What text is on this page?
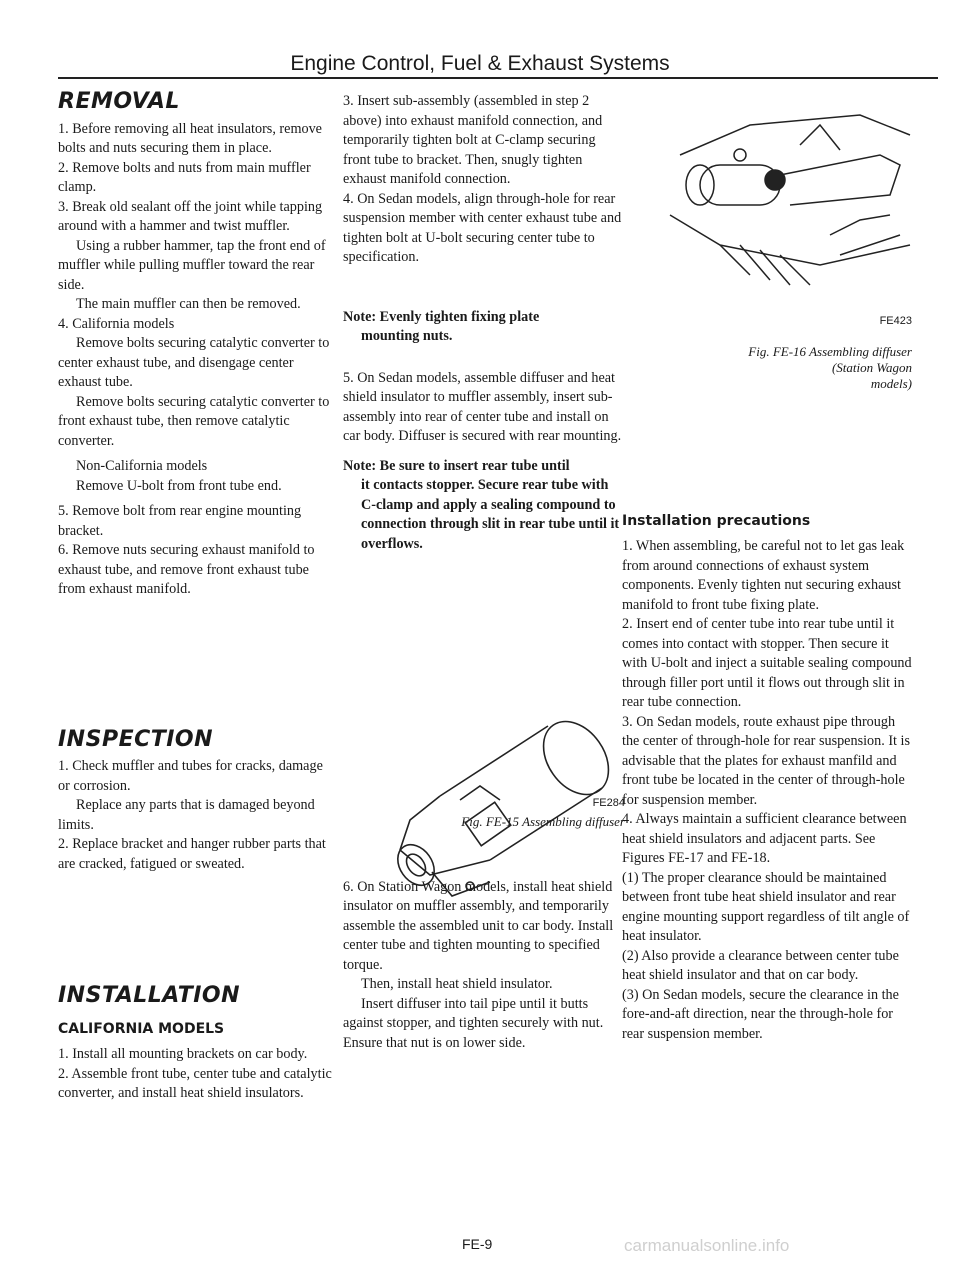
Engine Control, Fuel & Exhaust Systems

REMOVAL

1. Before removing all heat insulators, remove bolts and nuts securing them in place.

2. Remove bolts and nuts from main muffler clamp.

3. Break old sealant off the joint while tapping around with a hammer and twist muffler.

Using a rubber hammer, tap the front end of muffler while pulling muffler toward the rear side.

The main muffler can then be removed.

4. California models

Remove bolts securing catalytic converter to center exhaust tube, and disengage center exhaust tube.

Remove bolts securing catalytic converter to front exhaust tube, then remove catalytic converter.

Non-California models

Remove U-bolt from front tube end.

5. Remove bolt from rear engine mounting bracket.

6. Remove nuts securing exhaust manifold to exhaust tube, and remove front exhaust tube from exhaust manifold.

INSPECTION

1. Check muffler and tubes for cracks, damage or corrosion.

Replace any parts that is damaged beyond limits.

2. Replace bracket and hanger rubber parts that are cracked, fatigued or sweated.

INSTALLATION

CALIFORNIA MODELS

1. Install all mounting brackets on car body.

2. Assemble front tube, center tube and catalytic converter, and install heat shield insulators.

3. Insert sub-assembly (assembled in step 2 above) into exhaust manifold connection, and temporarily tighten bolt at C-clamp securing front tube to bracket. Then, snugly tighten exhaust manifold connection.

4. On Sedan models, align through-hole for rear suspension member with center exhaust tube and tighten bolt at U-bolt securing center tube to specification.

Note: Evenly tighten fixing plate

mounting nuts.

5. On Sedan models, assemble diffuser and heat shield insulator to muffler assembly, insert sub-assembly into rear of center tube and install on car body. Diffuser is secured with rear mounting.

Note: Be sure to insert rear tube until

it contacts stopper. Secure rear tube with C-clamp and apply a sealing compound to connection through slit in rear tube until it overflows.

FE284

Fig. FE-15 Assembling diffuser

6. On Station Wagon models, install heat shield insulator on muffler assembly, and temporarily assemble the assembled unit to car body. Install center tube and tighten mounting to specified torque.

Then, install heat shield insulator.

Insert diffuser into tail pipe until it butts against stopper, and tighten securely with nut. Ensure that nut is on lower side.

FE423

Fig. FE-16 Assembling diffuser

(Station Wagon

models)

Installation precautions

1. When assembling, be careful not to let gas leak from around connections of exhaust system components. Evenly tighten nut securing exhaust manifold to front tube fixing plate.

2. Insert end of center tube into rear tube until it comes into contact with stopper. Then secure it with U-bolt and inject a suitable sealing compound through filler port until it flows out through slit in rear tube connection.

3. On Sedan models, route exhaust pipe through the center of through-hole for rear suspension. It is advisable that the plates for exhaust manfild and front tube be located in the center of through-hole for suspension member.

4. Always maintain a sufficient clearance between heat shield insulators and adjacent parts. See Figures FE-17 and FE-18.

(1) The proper clearance should be maintained between front tube heat shield insulator and rear engine mounting support regardless of tilt angle of heat insulator.

(2) Also provide a clearance between center tube heat shield insulator and that on car body.

(3) On Sedan models, secure the clearance in the fore-and-aft direction, near the through-hole for rear suspension member.

FE-9	carmanualsonline.info
